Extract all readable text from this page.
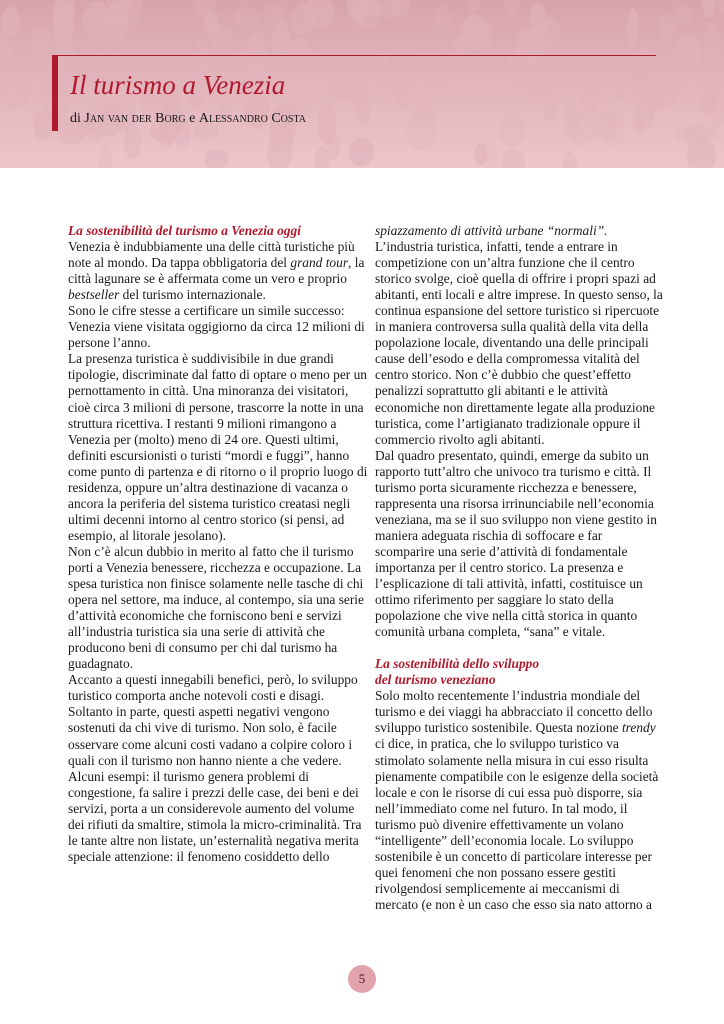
Il turismo a Venezia
di Jan van der Borg e Alessandro Costa
La sostenibilità del turismo a Venezia oggi

Venezia è indubbiamente una delle città turistiche più note al mondo. Da tappa obbligatoria del grand tour, la città lagunare se è affermata come un vero e proprio bestseller del turismo internazionale.

Sono le cifre stesse a certificare un simile successo: Venezia viene visitata oggigiorno da circa 12 milioni di persone l’anno.

La presenza turistica è suddivisibile in due grandi tipologie, discriminate dal fatto di optare o meno per un pernottamento in città. Una minoranza dei visitatori, cioè circa 3 milioni di persone, trascorre la notte in una struttura ricettiva. I restanti 9 milioni rimangono a Venezia per (molto) meno di 24 ore. Questi ultimi, definiti escursionisti o turisti “mordi e fuggi”, hanno come punto di partenza e di ritorno o il proprio luogo di residenza, oppure un’altra destinazione di vacanza o ancora la periferia del sistema turistico creatasi negli ultimi decenni intorno al centro storico (si pensi, ad esempio, al litorale jesolano).

Non c’è alcun dubbio in merito al fatto che il turismo porti a Venezia benessere, ricchezza e occupazione. La spesa turistica non finisce solamente nelle tasche di chi opera nel settore, ma induce, al contempo, sia una serie d’attività economiche che forniscono beni e servizi all’industria turistica sia una serie di attività che producono beni di consumo per chi dal turismo ha guadagnato.

Accanto a questi innegabili benefici, però, lo sviluppo turistico comporta anche notevoli costi e disagi. Soltanto in parte, questi aspetti negativi vengono sostenuti da chi vive di turismo. Non solo, è facile osservare come alcuni costi vadano a colpire coloro i quali con il turismo non hanno niente a che vedere. Alcuni esempi: il turismo genera problemi di congestione, fa salire i prezzi delle case, dei beni e dei servizi, porta a un considerevole aumento del volume dei rifiuti da smaltire, stimola la micro-criminalità. Tra le tante altre non listate, un’esternalità negativa merita speciale attenzione: il fenomeno cosiddetto dello

spiazzamento di attività urbane “normali”.

L’industria turistica, infatti, tende a entrare in competizione con un’altra funzione che il centro storico svolge, cioè quella di offrire i propri spazi ad abitanti, enti locali e altre imprese. In questo senso, la continua espansione del settore turistico si ripercuote in maniera controversa sulla qualità della vita della popolazione locale, diventando una delle principali cause dell’esodo e della compromessa vitalità del centro storico. Non c’è dubbio che quest’effetto penalizzi soprattutto gli abitanti e le attività economiche non direttamente legate alla produzione turistica, come l’artigianato tradizionale oppure il commercio rivolto agli abitanti.

Dal quadro presentato, quindi, emerge da subito un rapporto tutt’altro che univoco tra turismo e città. Il turismo porta sicuramente ricchezza e benessere, rappresenta una risorsa irrinunciabile nell’economia veneziana, ma se il suo sviluppo non viene gestito in maniera adeguata rischia di soffocare e far scomparire una serie d’attività di fondamentale importanza per il centro storico. La presenza e l’esplicazione di tali attività, infatti, costituisce un ottimo riferimento per saggiare lo stato della popolazione che vive nella città storica in quanto comunità urbana completa, “sana” e vitale.

La sostenibilità dello sviluppo
del turismo veneziano

Solo molto recentemente l’industria mondiale del turismo e dei viaggi ha abbracciato il concetto dello sviluppo turistico sostenibile. Questa nozione trendy ci dice, in pratica, che lo sviluppo turistico va stimolato solamente nella misura in cui esso risulta pienamente compatibile con le esigenze della società locale e con le risorse di cui essa può disporre, sia nell’immediato come nel futuro. In tal modo, il turismo può divenire effettivamente un volano “intelligente” dell’economia locale. Lo sviluppo sostenibile è un concetto di particolare interesse per quei fenomeni che non possano essere gestiti rivolgendosi semplicemente ai meccanismi di mercato (e non è un caso che esso sia nato attorno a

5
